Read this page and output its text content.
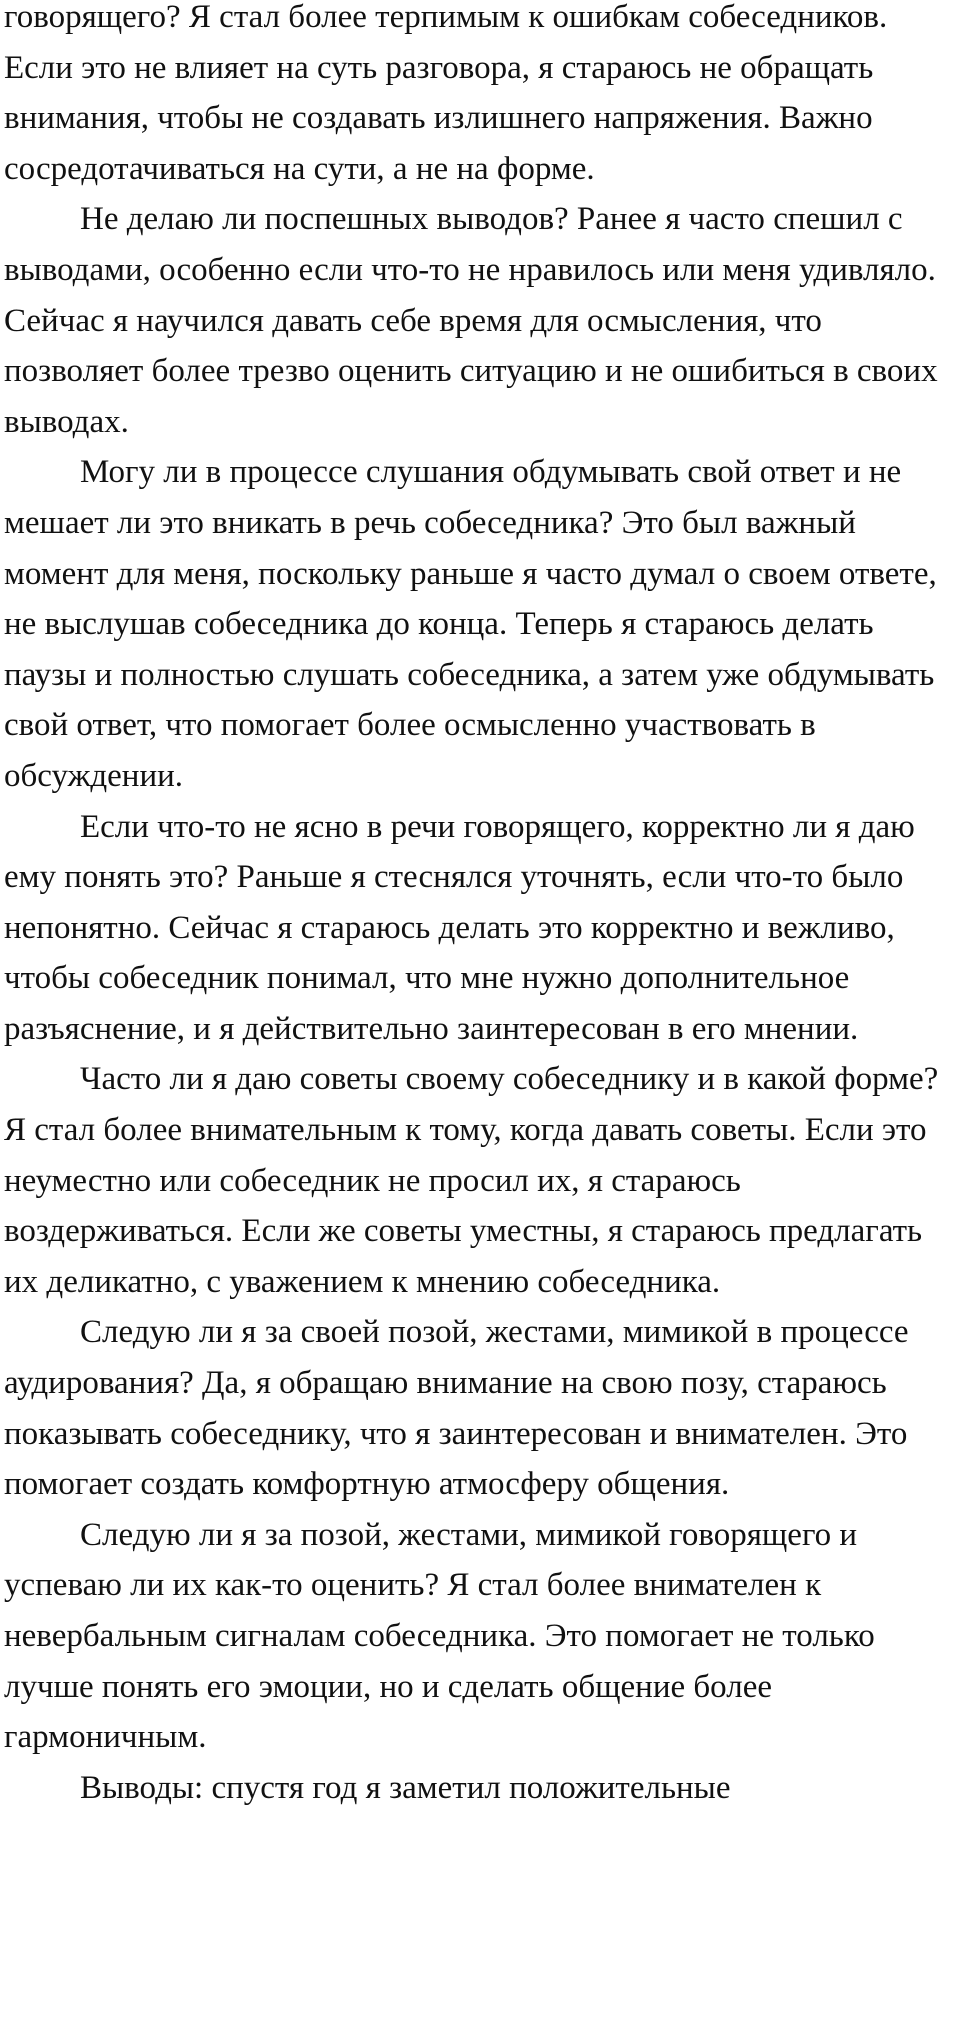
говорящего? Я стал более терпимым к ошибкам собеседников. Если это не влияет на суть разговора, я стараюсь не обращать внимания, чтобы не создавать излишнего напряжения. Важно сосредотачиваться на сути, а не на форме.

Не делаю ли поспешных выводов? Ранее я часто спешил с выводами, особенно если что-то не нравилось или меня удивляло. Сейчас я научился давать себе время для осмысления, что позволяет более трезво оценить ситуацию и не ошибиться в своих выводах.

Могу ли в процессе слушания обдумывать свой ответ и не мешает ли это вникать в речь собеседника? Это был важный момент для меня, поскольку раньше я часто думал о своем ответе, не выслушав собеседника до конца. Теперь я стараюсь делать паузы и полностью слушать собеседника, а затем уже обдумывать свой ответ, что помогает более осмысленно участвовать в обсуждении.

Если что-то не ясно в речи говорящего, корректно ли я даю ему понять это? Раньше я стеснялся уточнять, если что-то было непонятно. Сейчас я стараюсь делать это корректно и вежливо, чтобы собеседник понимал, что мне нужно дополнительное разъяснение, и я действительно заинтересован в его мнении.

Часто ли я даю советы своему собеседнику и в какой форме? Я стал более внимательным к тому, когда давать советы. Если это неуместно или собеседник не просил их, я стараюсь воздерживаться. Если же советы уместны, я стараюсь предлагать их деликатно, с уважением к мнению собеседника.

Следую ли я за своей позой, жестами, мимикой в процессе аудирования? Да, я обращаю внимание на свою позу, стараюсь показывать собеседнику, что я заинтересован и внимателен. Это помогает создать комфортную атмосферу общения.

Следую ли я за позой, жестами, мимикой говорящего и успеваю ли их как-то оценить? Я стал более внимателен к невербальным сигналам собеседника. Это помогает не только лучше понять его эмоции, но и сделать общение более гармоничным.

Выводы: спустя год я заметил положительные
